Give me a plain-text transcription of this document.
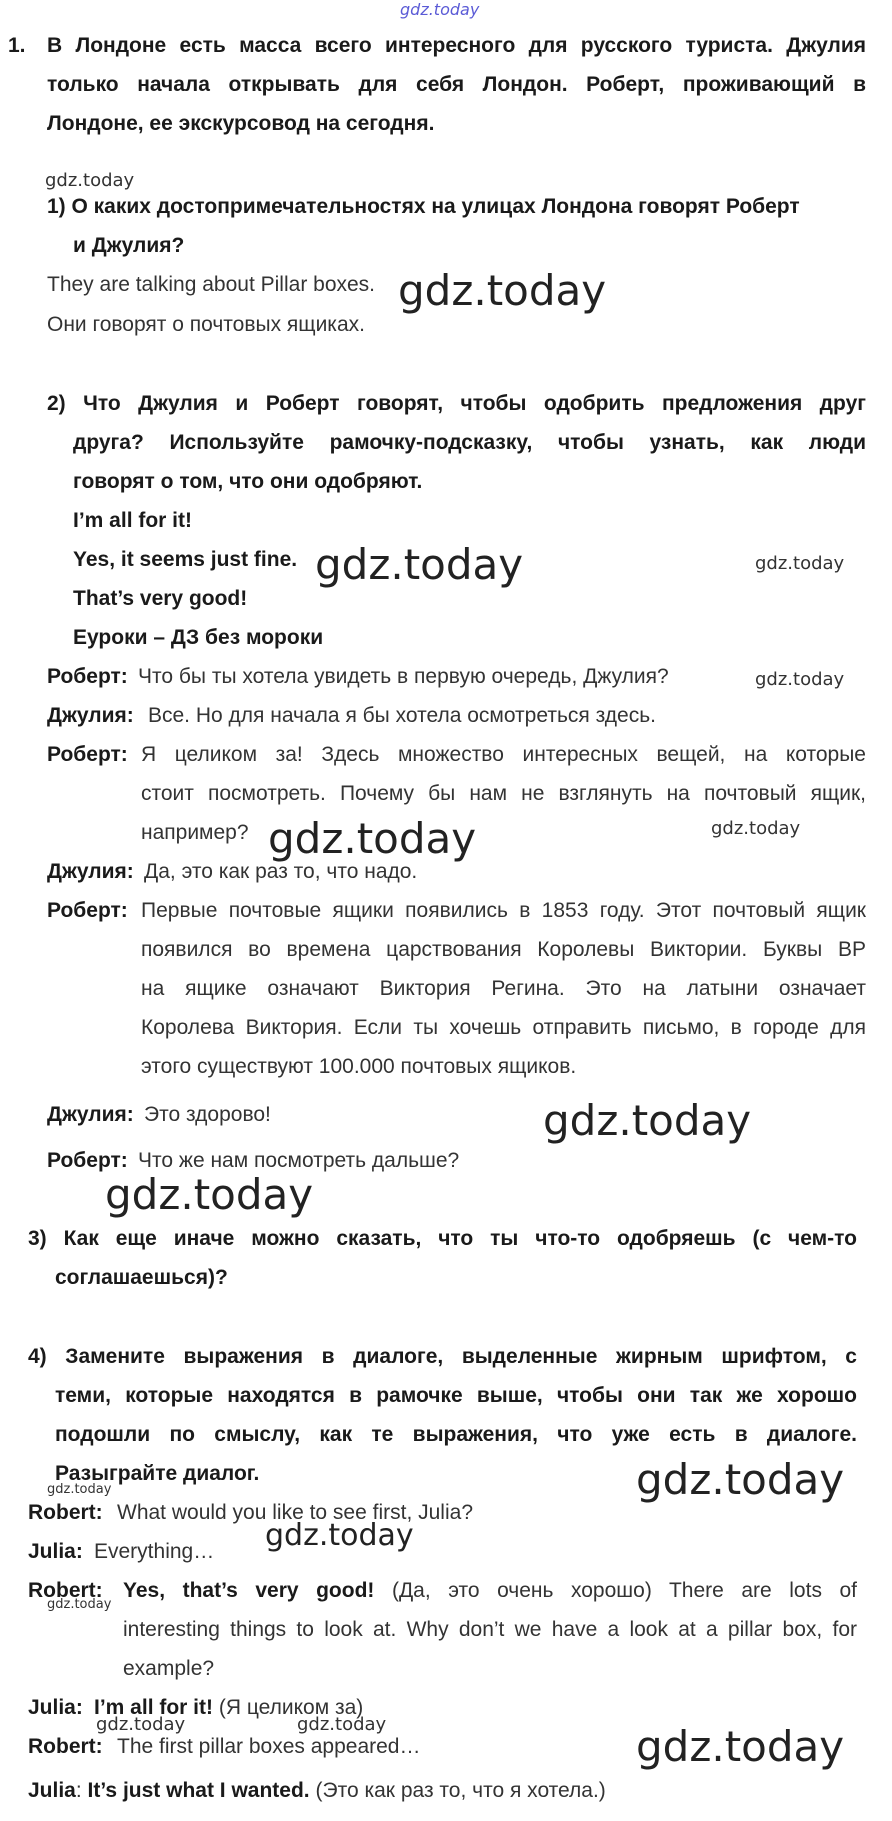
gdz.today
1. В Лондоне есть масса всего интересного для русского туриста. Джулия
только начала открывать для себя Лондон. Роберт, проживающий в
Лондоне, ее экскурсовод на сегодня.
gdz.today
1) О каких достопримечательностях на улицах Лондона говорят Роберт
и Джулия?
They are talking about Pillar boxes. gdz.today
Они говорят о почтовых ящиках.
2) Что Джулия и Роберт говорят, чтобы одобрить предложения друг
друга? Используйте рамочку-подсказку, чтобы узнать, как люди
говорят о том, что они одобряют.
I’m all for it!
Yes, it seems just fine. gdz.today	gdz.today
That’s very good!
Еуроки – ДЗ без мороки
Роберт: Что бы ты хотела увидеть в первую очередь, Джулия?	gdz.today
Джулия: Все. Но для начала я бы хотела осмотреться здесь.
Роберт: Я целиком за! Здесь множество интересных вещей, на которые
стоит посмотреть. Почему бы нам не взглянуть на почтовый ящик,
например? gdz.today	gdz.today
Джулия: Да, это как раз то, что надо.
Роберт: Первые почтовые ящики появились в 1853 году. Этот почтовый ящик
появился во времена царствования Королевы Виктории. Буквы ВР
на ящике означают Виктория Регина. Это на латыни означает
Королева Виктория. Если ты хочешь отправить письмо, в городе для
этого существуют 100.000 почтовых ящиков.
Джулия: Это здорово!	gdz.today
Роберт: Что же нам посмотреть дальше?
gdz.today
3) Как еще иначе можно сказать, что ты что-то одобряешь (с чем-то
соглашаешься)?
4) Замените выражения в диалоге, выделенные жирным шрифтом, с
теми, которые находятся в рамочке выше, чтобы они так же хорошо
подошли по смыслу, как те выражения, что уже есть в диалоге.
Разыграйте диалог.	gdz.today
gdz.today
Robert: What would you like to see first, Julia?
Julia: Everything… gdz.today
Robert:
gdz.today
Yes, that’s very good! (Да, это очень хорошо) There are lots of
interesting things to look at. Why don’t we have a look at a pillar box, for
example?
Julia: I’m all for it! (Я целиком за)
gdz.today	gdz.today
Robert: The first pillar boxes appeared…	gdz.today
Julia: It’s just what I wanted. (Это как раз то, что я хотела.)
